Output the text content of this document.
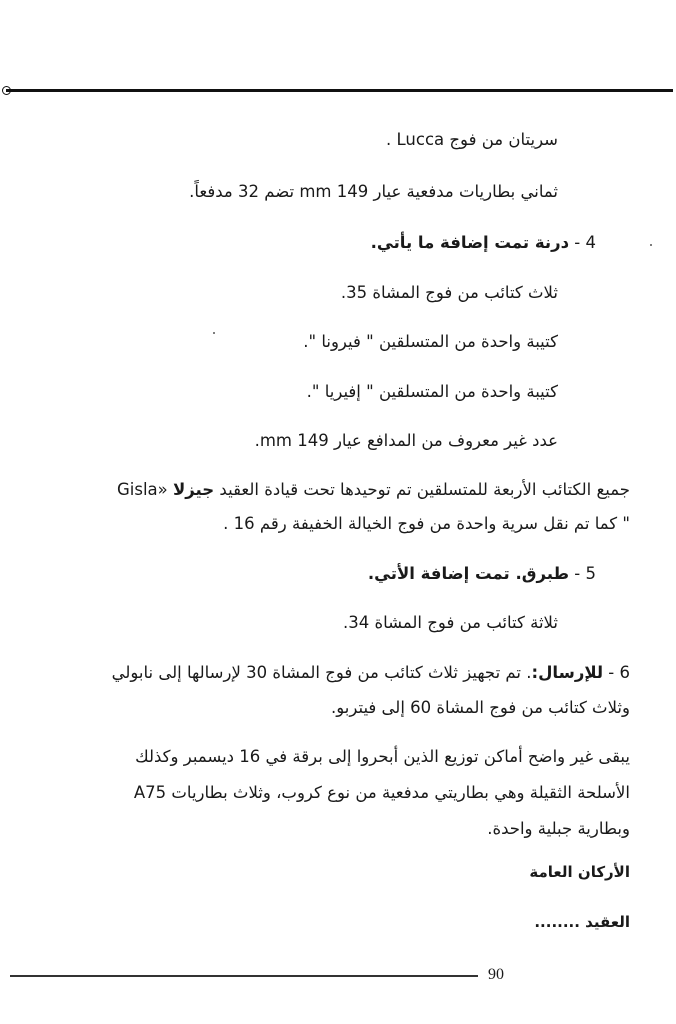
سريتان من فوج Lucca .
ثماني بطاريات مدفعية عيار mm 149 تضم 32 مدفعاً.
4 - درنة تمت إضافة ما يأتي.
ثلاث كتائب من فوج المشاة 35.
كتيبة واحدة من المتسلقين " فيرونا ".
كتيبة واحدة من المتسلقين " إفيريا ".
عدد غير معروف من المدافع عيار mm 149.
جميع الكتائب الأربعة للمتسلقين تم توحيدها تحت قيادة العقيد جيزلا «Gisla
" كما تم نقل سرية واحدة من فوج الخيالة الخفيفة رقم 16 .
5 - طبرق. تمت إضافة الأتي.
ثلاثة كتائب من فوج المشاة 34.
6 - للإرسال:. تم تجهيز ثلاث كتائب من فوج المشاة 30 لإرسالها إلى نابولي
وثلاث كتائب من فوج المشاة 60 إلى فيتربو.
يبقى غير واضح أماكن توزيع الذين أبحروا إلى برقة في 16 ديسمبر وكذلك
الأسلحة الثقيلة وهي بطاريتي مدفعية من نوع كروب، وثلاث بطاريات A75
وبطارية جبلية واحدة.
الأركان العامة
العقيد ........
90
